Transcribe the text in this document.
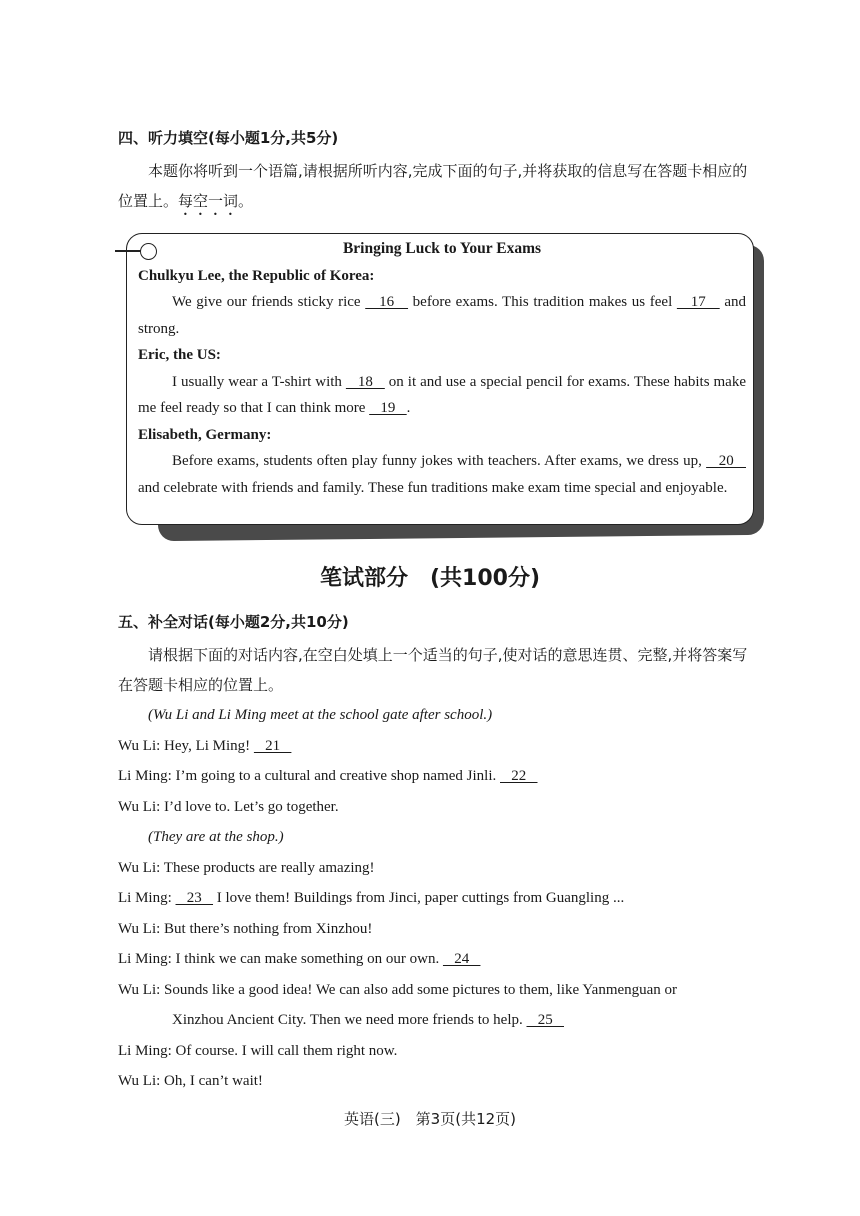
四、听力填空(每小题1分,共5分)
本题你将听到一个语篇,请根据所听内容,完成下面的句子,并将获取的信息写在答题卡相应的位置上。每空一词。
Bringing Luck to Your Exams
Chulkyu Lee, the Republic of Korea:
We give our friends sticky rice    16    before exams. This tradition makes us feel    17    and strong.
Eric, the US:
I usually wear a T-shirt with    18    on it and use a special pencil for exams. These habits make me feel ready so that I can think more    19   .
Elisabeth, Germany:
Before exams, students often play funny jokes with teachers. After exams, we dress up,    20    and celebrate with friends and family. These fun traditions make exam time special and enjoyable.
笔试部分　(共100分)
五、补全对话(每小题2分,共10分)
请根据下面的对话内容,在空白处填上一个适当的句子,使对话的意思连贯、完整,并将答案写在答题卡相应的位置上。
(Wu Li and Li Ming meet at the school gate after school.)
Wu Li: Hey, Li Ming!    21
Li Ming: I’m going to a cultural and creative shop named Jinli.    22
Wu Li: I’d love to. Let’s go together.
(They are at the shop.)
Wu Li: These products are really amazing!
Li Ming:    23    I love them! Buildings from Jinci, paper cuttings from Guangling ...
Wu Li: But there’s nothing from Xinzhou!
Li Ming: I think we can make something on our own.    24
Wu Li: Sounds like a good idea! We can also add some pictures to them, like Yanmenguan or
Xinzhou Ancient City. Then we need more friends to help.    25
Li Ming: Of course. I will call them right now.
Wu Li: Oh, I can’t wait!
英语(三)　第3页(共12页)
